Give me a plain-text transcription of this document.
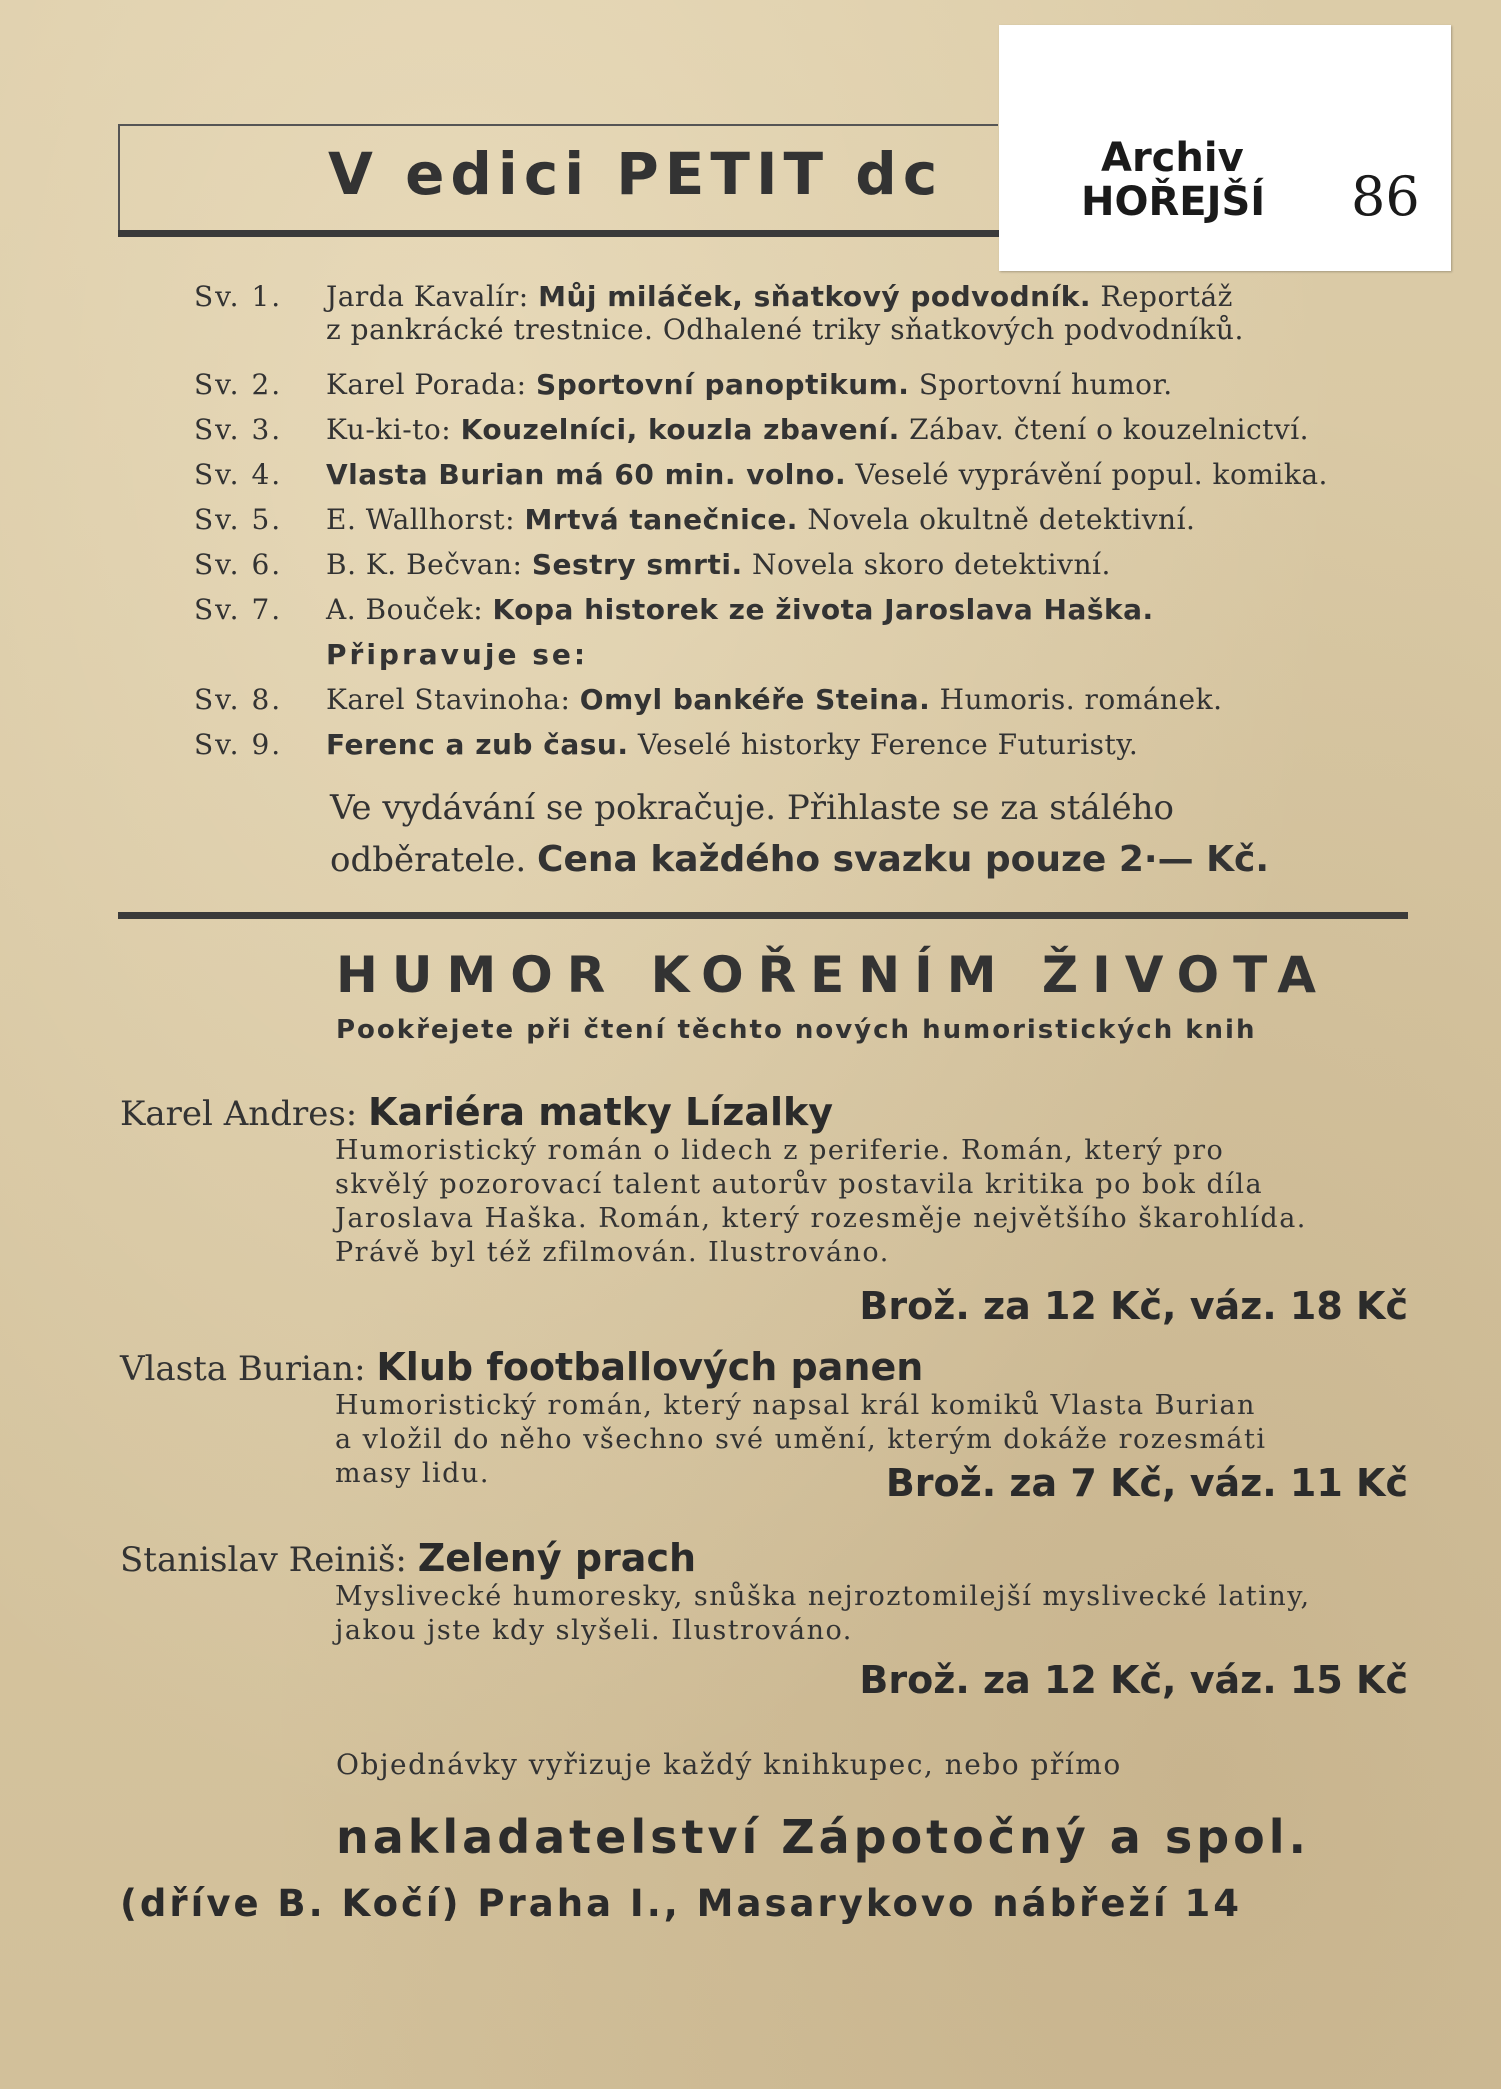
V edici PETIT dc	Archiv
HOŘEJŠÍ 86
Sv. 1.	Jarda Kavalír: Můj miláček, sňatkový podvodník. Reportáž
z pankrácké trestnice. Odhalené triky sňatkových podvodníků.
Sv. 2.	Karel Porada: Sportovní panoptikum. Sportovní humor.
Sv. 3.	Ku-ki-to: Kouzelníci, kouzla zbavení. Zábav. čtení o kouzelnictví.
Sv. 4.	Vlasta Burian má 60 min. volno. Veselé vyprávění popul. komika.
Sv. 5.	E. Wallhorst: Mrtvá tanečnice. Novela okultně detektivní.
Sv. 6.	B. K. Bečvan: Sestry smrti. Novela skoro detektivní.
Sv. 7.	A. Bouček: Kopa historek ze života Jaroslava Haška.
Připravuje se:
Sv. 8.	Karel Stavinoha: Omyl bankéře Steina. Humoris. románek.
Sv. 9.	Ferenc a zub času. Veselé historky Ference Futuristy.
Ve vydávání se pokračuje. Přihlaste se za stálého
odběratele. Cena každého svazku pouze 2·— Kč.
HUMOR KOŘENÍM ŽIVOTA
Pookřejete při čtení těchto nových humoristických knih
Karel Andres: Kariéra matky Lízalky
Humoristický román o lidech z periferie. Román, který pro
skvělý pozorovací talent autorův postavila kritika po bok díla
Jaroslava Haška. Román, který rozesměje největšího škarohlída.
Právě byl též zfilmován. Ilustrováno.
Brož. za 12 Kč, váz. 18 Kč
Vlasta Burian: Klub footballových panen
Humoristický román, který napsal král komiků Vlasta Burian
a vložil do něho všechno své umění, kterým dokáže rozesmáti
masy lidu.	Brož. za 7 Kč, váz. 11 Kč
Stanislav Reiniš: Zelený prach
Myslivecké humoresky, snůška nejroztomilejší myslivecké latiny,
jakou jste kdy slyšeli. Ilustrováno.
Brož. za 12 Kč, váz. 15 Kč
Objednávky vyřizuje každý knihkupec, nebo přímo
nakladatelství Zápotočný a spol.
(dříve B. Kočí) Praha I., Masarykovo nábřeží 14
